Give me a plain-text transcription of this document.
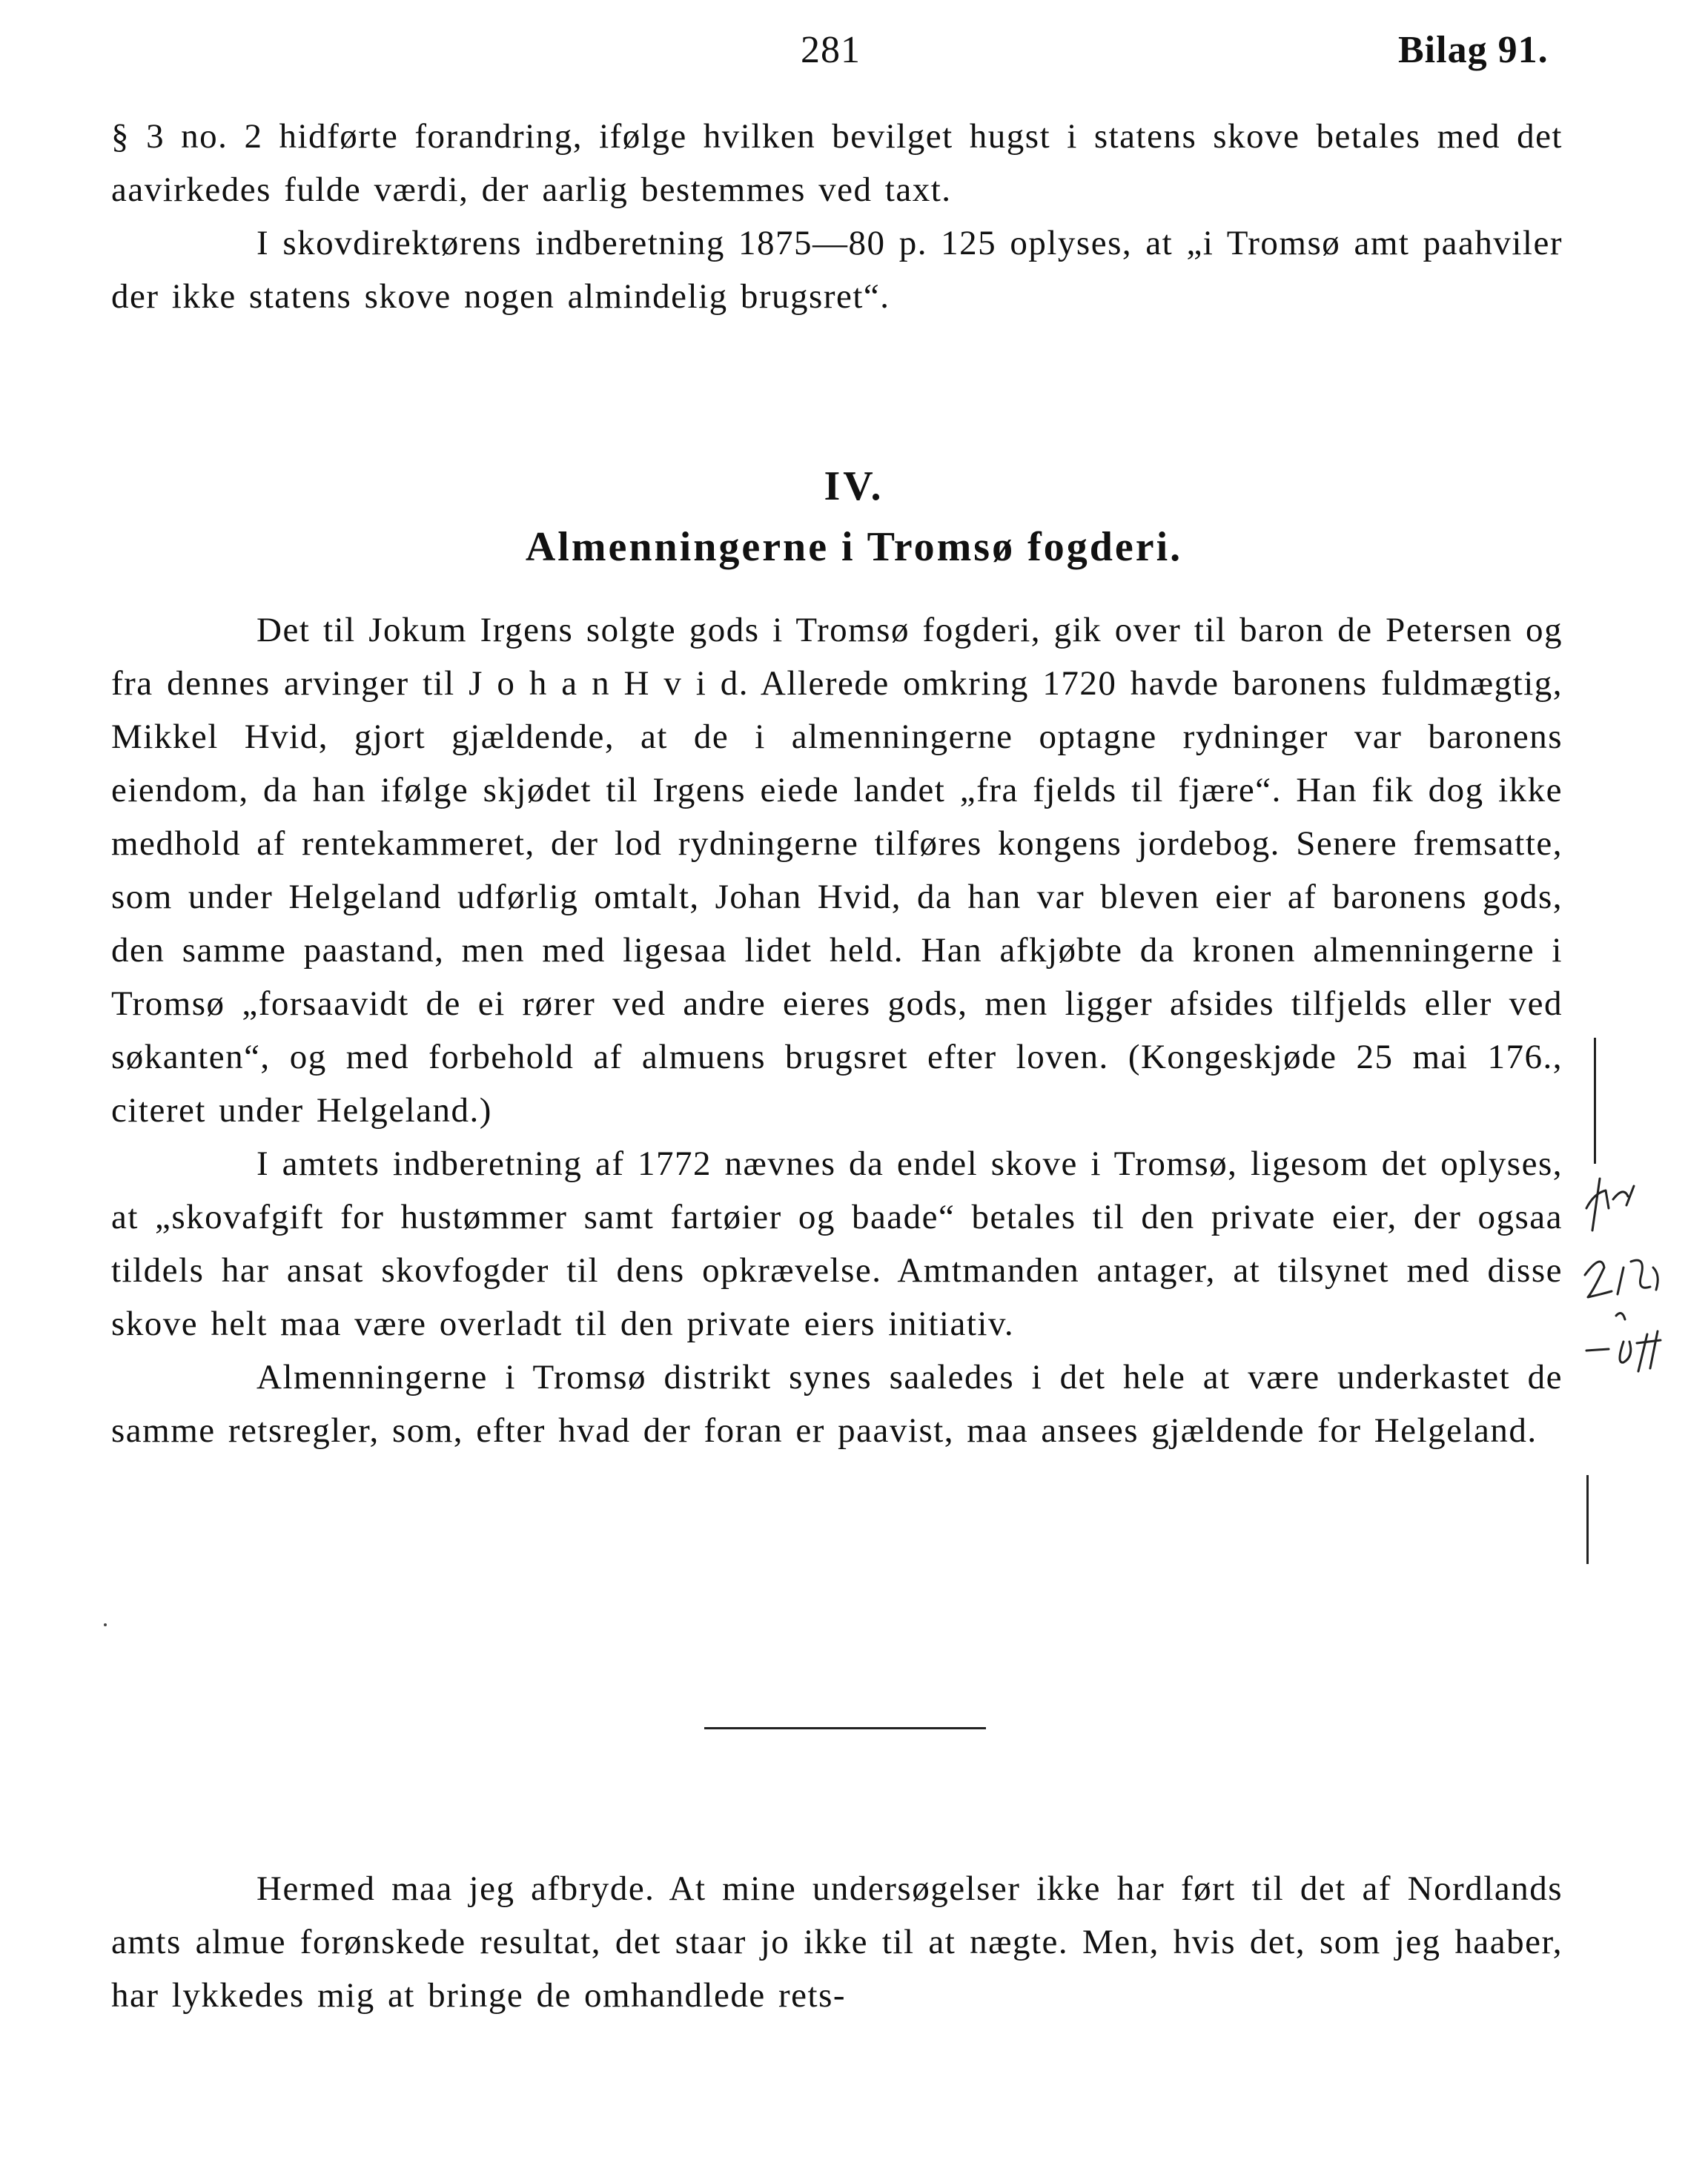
281	Bilag 91.

§ 3 no. 2 hidførte forandring, ifølge hvilken bevilget hugst i statens skove betales med det aavirkedes fulde værdi, der aarlig bestemmes ved taxt.

I skovdirektørens indberetning 1875—80 p. 125 oplyses, at „i Tromsø amt paahviler der ikke statens skove nogen almindelig brugsret“.

IV.
Almenningerne i Tromsø fogderi.

Det til Jokum Irgens solgte gods i Tromsø fogderi, gik over til baron de Petersen og fra dennes arvinger til J o h a n H v i d. Allerede omkring 1720 havde baronens fuldmægtig, Mikkel Hvid, gjort gjældende, at de i almenningerne optagne rydninger var baronens eiendom, da han ifølge skjødet til Irgens eiede landet „fra fjelds til fjære“. Han fik dog ikke medhold af rentekammeret, der lod rydningerne tilføres kongens jordebog. Senere fremsatte, som under Helgeland udførlig omtalt, Johan Hvid, da han var bleven eier af baronens gods, den samme paastand, men med ligesaa lidet held. Han afkjøbte da kronen almenningerne i Tromsø „forsaavidt de ei rører ved andre eieres gods, men ligger afsides tilfjelds eller ved søkanten“, og med forbehold af almuens brugsret efter loven. (Kongeskjøde 25 mai 176., citeret under Helgeland.)

I amtets indberetning af 1772 nævnes da endel skove i Tromsø, ligesom det oplyses, at „skovafgift for hustømmer samt fartøier og baade“ betales til den private eier, der ogsaa tildels har ansat skovfogder til dens opkrævelse. Amtmanden antager, at tilsynet med disse skove helt maa være overladt til den private eiers initiativ.

Almenningerne i Tromsø distrikt synes saaledes i det hele at være underkastet de samme retsregler, som, efter hvad der foran er paavist, maa ansees gjældende for Helgeland.

Hermed maa jeg afbryde. At mine undersøgelser ikke har ført til det af Nordlands amts almue forønskede resultat, det staar jo ikke til at nægte. Men, hvis det, som jeg haaber, har lykkedes mig at bringe de omhandlede rets-
